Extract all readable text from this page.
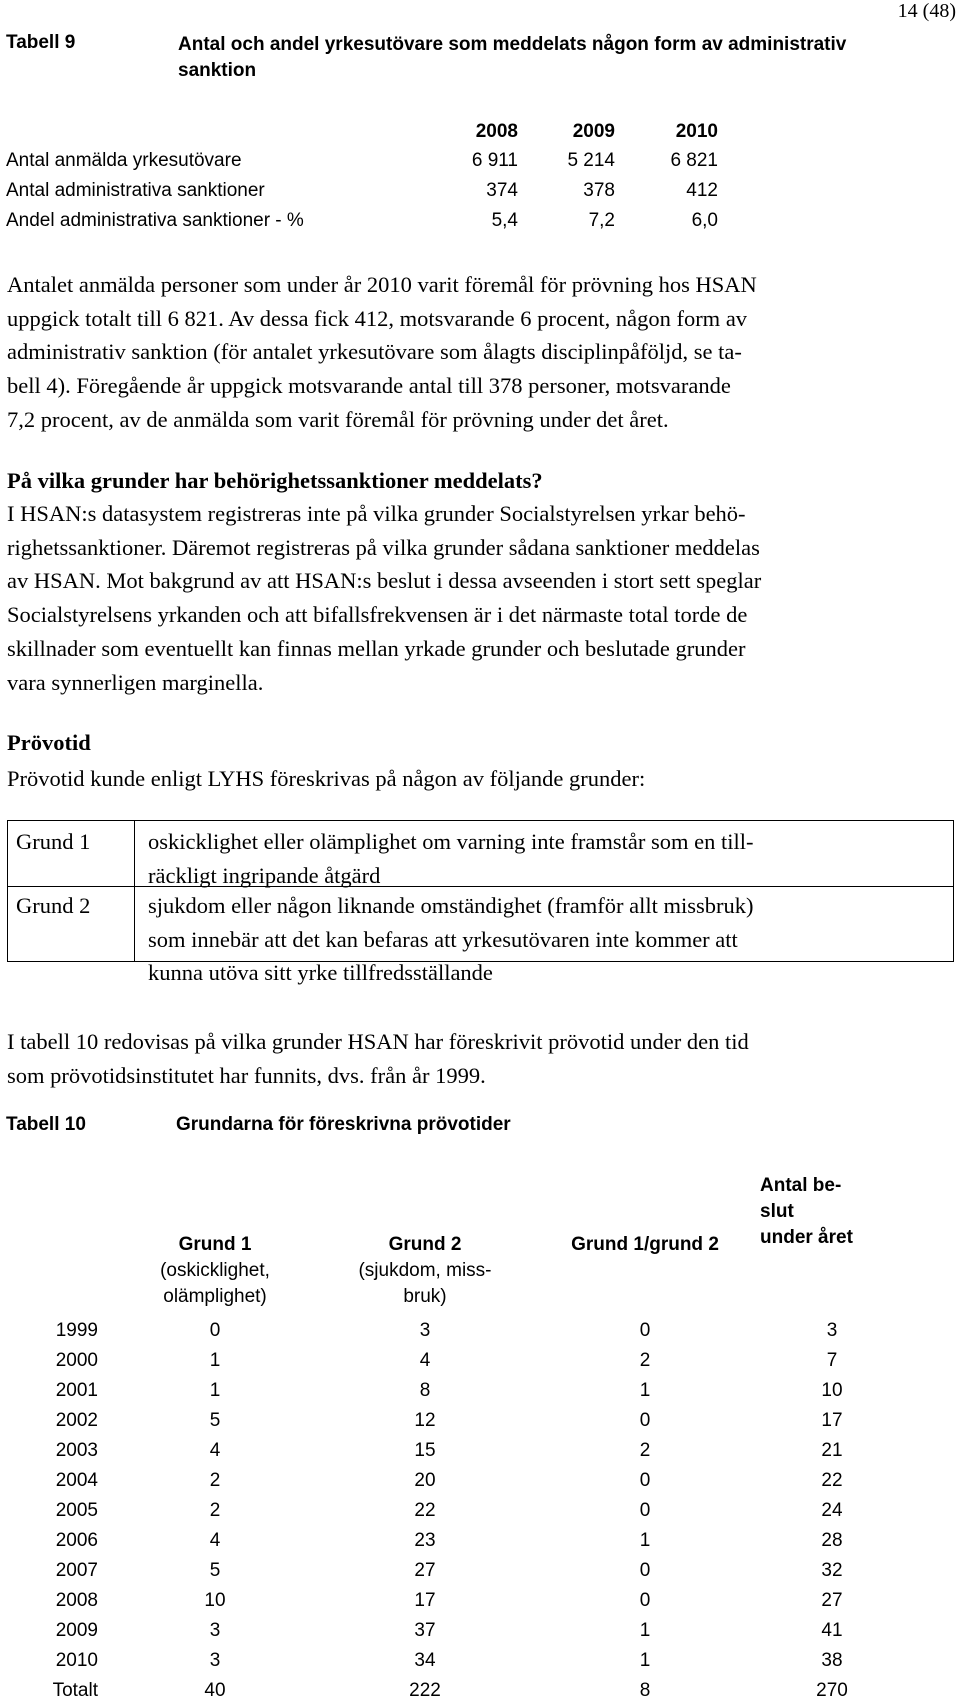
14 (48)
Tabell 9	Antal och andel yrkesutövare som meddelats någon form av administrativ sanktion
2008	2009	2010
Antal anmälda yrkesutövare	6 911	5 214	6 821
Antal administrativa sanktioner	374	378	412
Andel administrativa sanktioner - %	5,4	7,2	6,0
Antalet anmälda personer som under år 2010 varit föremål för prövning hos HSAN
uppgick totalt till 6 821. Av dessa fick 412, motsvarande 6 procent, någon form av
administrativ sanktion (för antalet yrkesutövare som ålagts disciplinpåföljd, se ta-
bell 4). Föregående år uppgick motsvarande antal till 378 personer, motsvarande
7,2 procent, av de anmälda som varit föremål för prövning under det året.
På vilka grunder har behörighetssanktioner meddelats?
I HSAN:s datasystem registreras inte på vilka grunder Socialstyrelsen yrkar behö-
righetssanktioner. Däremot registreras på vilka grunder sådana sanktioner meddelas
av HSAN. Mot bakgrund av att HSAN:s beslut i dessa avseenden i stort sett speglar
Socialstyrelsens yrkanden och att bifallsfrekvensen är i det närmaste total torde de
skillnader som eventuellt kan finnas mellan yrkade grunder och beslutade grunder
vara synnerligen marginella.
Prövotid
Prövotid kunde enligt LYHS föreskrivas på någon av följande grunder:
Grund 1	oskicklighet eller olämplighet om varning inte framstår som en till-
räckligt ingripande åtgärd
Grund 2	sjukdom eller någon liknande omständighet (framför allt missbruk)
som innebär att det kan befaras att yrkesutövaren inte kommer att
kunna utöva sitt yrke tillfredsställande
I tabell 10 redovisas på vilka grunder HSAN har föreskrivit prövotid under den tid
som prövotidsinstitutet har funnits, dvs. från år 1999.
Tabell 10	Grundarna för föreskrivna prövotider
Grund 1
(oskicklighet,
olämplighet)
Grund 2
(sjukdom, miss-
bruk)
Grund 1/grund 2
Antal be-
slut
under året
1999	0	3	0	3
2000	1	4	2	7
2001	1	8	1	10
2002	5	12	0	17
2003	4	15	2	21
2004	2	20	0	22
2005	2	22	0	24
2006	4	23	1	28
2007	5	27	0	32
2008	10	17	0	27
2009	3	37	1	41
2010	3	34	1	38
Totalt	40	222	8	270
